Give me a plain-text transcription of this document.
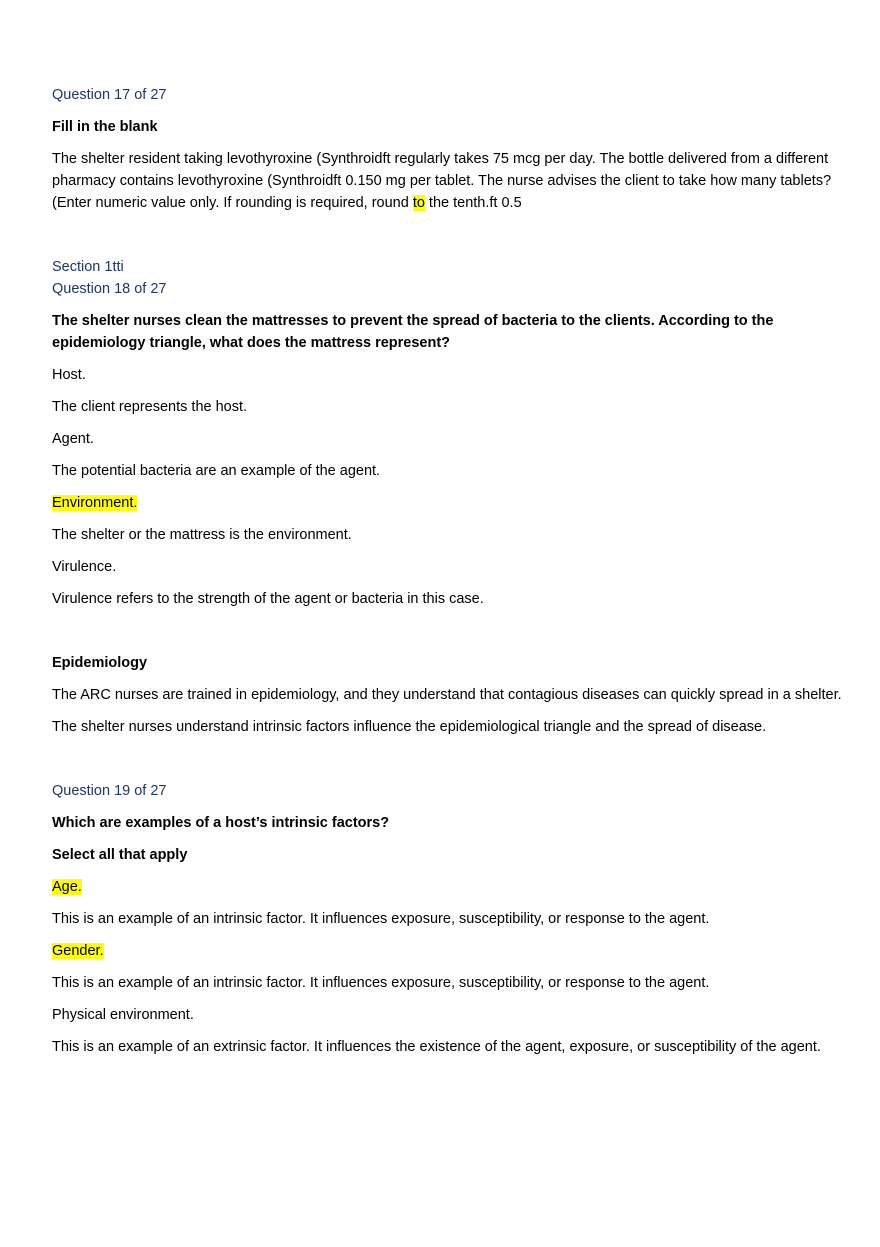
Question 17 of 27

Fill in the blank

The shelter resident taking levothyroxine (Synthroidft regularly takes 75 mcg per day. The bottle delivered from a different pharmacy contains levothyroxine (Synthroidft 0.150 mg per tablet. The nurse advises the client to take how many tablets? (Enter numeric value only. If rounding is required, round to the tenth.ft 0.5

Section 1tti

Question 18 of 27

The shelter nurses clean the mattresses to prevent the spread of bacteria to the clients. According to the epidemiology triangle, what does the mattress represent?

Host.

The client represents the host.

Agent.

The potential bacteria are an example of the agent.

Environment.

The shelter or the mattress is the environment.

Virulence.

Virulence refers to the strength of the agent or bacteria in this case.

Epidemiology

The ARC nurses are trained in epidemiology, and they understand that contagious diseases can quickly spread in a shelter.

The shelter nurses understand intrinsic factors influence the epidemiological triangle and the spread of disease.

Question 19 of 27

Which are examples of a host’s intrinsic factors?

Select all that apply

Age.

This is an example of an intrinsic factor. It influences exposure, susceptibility, or response to the agent.

Gender.

This is an example of an intrinsic factor. It influences exposure, susceptibility, or response to the agent.

Physical environment.

This is an example of an extrinsic factor. It influences the existence of the agent, exposure, or susceptibility of the agent.
